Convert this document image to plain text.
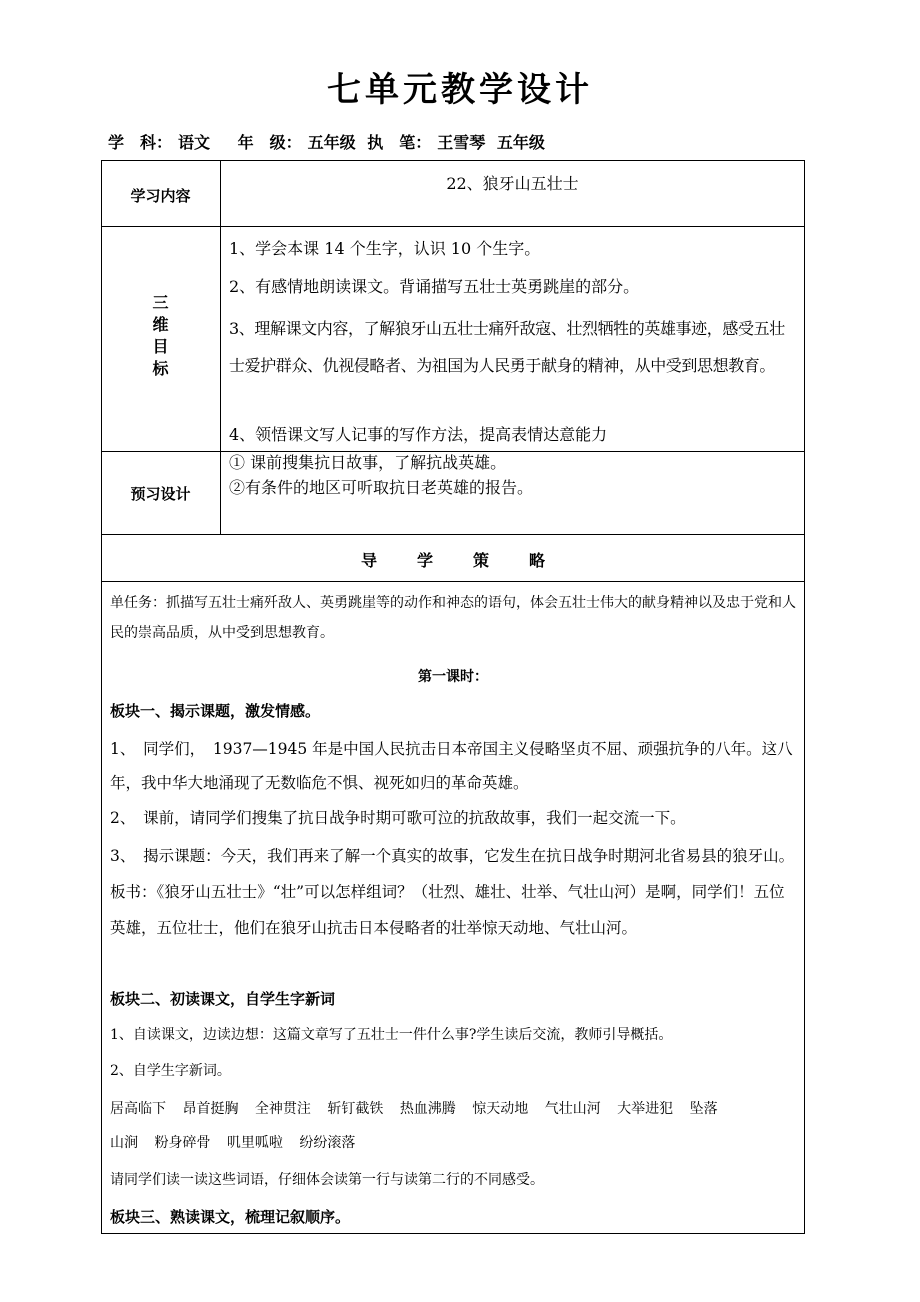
七单元教学设计
学　科： 语文 年　级： 五年级 执　笔： 王雪琴 五年级
学习内容
22、狼牙山五壮士
三
维
目
标
1、学会本课 14 个生字，认识 10 个生字。
2、有感情地朗读课文。背诵描写五壮士英勇跳崖的部分。
3、理解课文内容，了解狼牙山五壮士痛歼敌寇、壮烈牺牲的英雄事迹，感受五壮士爱护群众、仇视侵略者、为祖国为人民勇于献身的精神，从中受到思想教育。
4、领悟课文写人记事的写作方法，提高表情达意能力
预习设计
① 课前搜集抗日故事，了解抗战英雄。
②有条件的地区可听取抗日老英雄的报告。
导学策略
单任务：抓描写五壮士痛歼敌人、英勇跳崖等的动作和神态的语句，体会五壮士伟大的献身精神以及忠于党和人民的崇高品质，从中受到思想教育。
第一课时：
板块一、揭示课题，激发情感。
1、　同学们，　1937—1945 年是中国人民抗击日本帝国主义侵略坚贞不屈、顽强抗争的八年。这八年，我中华大地涌现了无数临危不惧、视死如归的革命英雄。
2、　课前，请同学们搜集了抗日战争时期可歌可泣的抗敌故事，我们一起交流一下。
3、　揭示课题：今天，我们再来了解一个真实的故事，它发生在抗日战争时期河北省易县的狼牙山。板书：《狼牙山五壮士》“壮”可以怎样组词？（壮烈、雄壮、壮举、气壮山河）是啊，同学们！五位英雄，五位壮士，他们在狼牙山抗击日本侵略者的壮举惊天动地、气壮山河。
板块二、初读课文，自学生字新词
1、自读课文，边读边想：这篇文章写了五壮士一件什么事?学生读后交流，教师引导概括。
2、自学生字新词。
居高临下 昂首挺胸 全神贯注 斩钉截铁 热血沸腾 惊天动地 气壮山河 大举进犯 坠落
山涧 粉身碎骨 叽里呱啦 纷纷滚落
请同学们读一读这些词语，仔细体会读第一行与读第二行的不同感受。
板块三、熟读课文，梳理记叙顺序。
